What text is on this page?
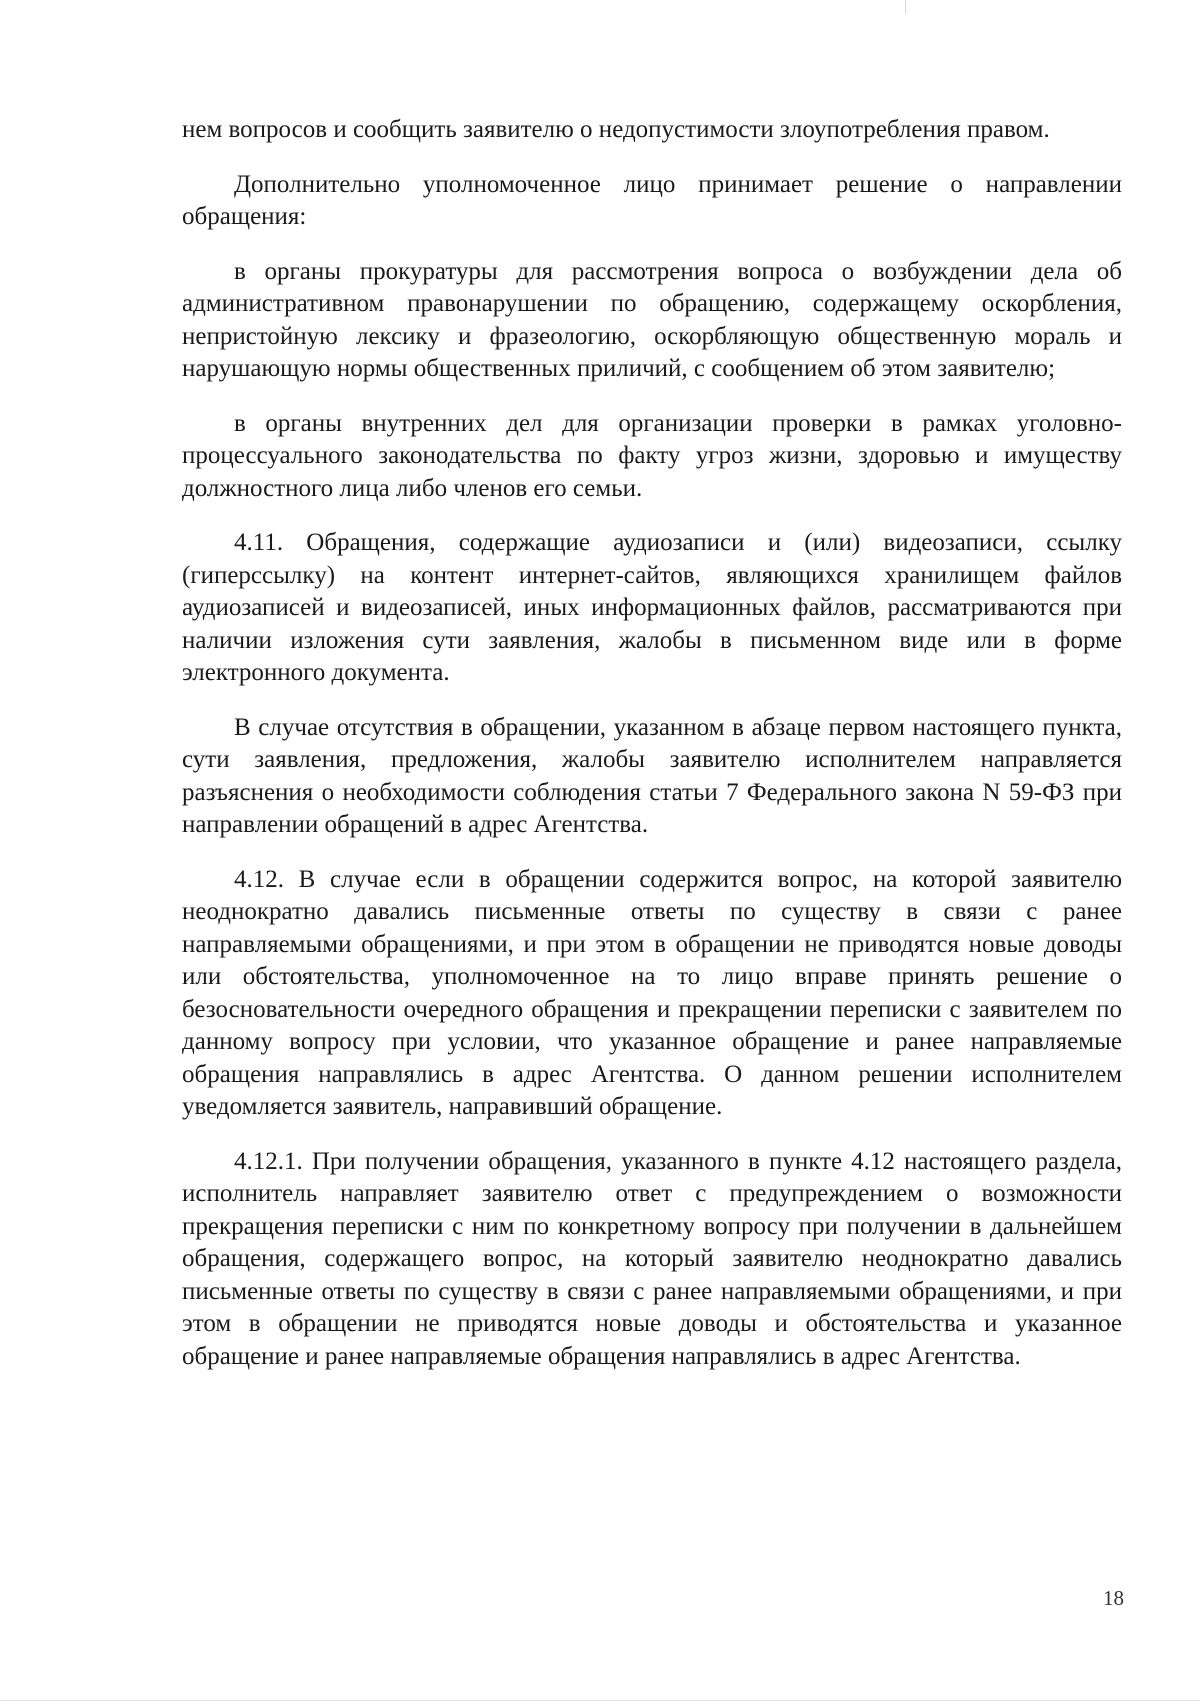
нем вопросов и сообщить заявителю о недопустимости злоупотребления правом.

Дополнительно уполномоченное лицо принимает решение о направлении обращения:

в органы прокуратуры для рассмотрения вопроса о возбуждении дела об административном правонарушении по обращению, содержащему оскорбления, непристойную лексику и фразеологию, оскорбляющую общественную мораль и нарушающую нормы общественных приличий, с сообщением об этом заявителю;

в органы внутренних дел для организации проверки в рамках уголовно-процессуального законодательства по факту угроз жизни, здоровью и имуществу должностного лица либо членов его семьи.

4.11. Обращения, содержащие аудиозаписи и (или) видеозаписи, ссылку (гиперссылку) на контент интернет-сайтов, являющихся хранилищем файлов аудиозаписей и видеозаписей, иных информационных файлов, рассматриваются при наличии изложения сути заявления, жалобы в письменном виде или в форме электронного документа.

В случае отсутствия в обращении, указанном в абзаце первом настоящего пункта, сути заявления, предложения, жалобы заявителю исполнителем направляется разъяснения о необходимости соблюдения статьи 7 Федерального закона N 59-ФЗ при направлении обращений в адрес Агентства.

4.12. В случае если в обращении содержится вопрос, на которой заявителю неоднократно давались письменные ответы по существу в связи с ранее направляемыми обращениями, и при этом в обращении не приводятся новые доводы или обстоятельства, уполномоченное на то лицо вправе принять решение о безосновательности очередного обращения и прекращении переписки с заявителем по данному вопросу при условии, что указанное обращение и ранее направляемые обращения направлялись в адрес Агентства. О данном решении исполнителем уведомляется заявитель, направивший обращение.

4.12.1. При получении обращения, указанного в пункте 4.12 настоящего раздела, исполнитель направляет заявителю ответ с предупреждением о возможности прекращения переписки с ним по конкретному вопросу при получении в дальнейшем обращения, содержащего вопрос, на который заявителю неоднократно давались письменные ответы по существу в связи с ранее направляемыми обращениями, и при этом в обращении не приводятся новые доводы и обстоятельства и указанное обращение и ранее направляемые обращения направлялись в адрес Агентства.

18
